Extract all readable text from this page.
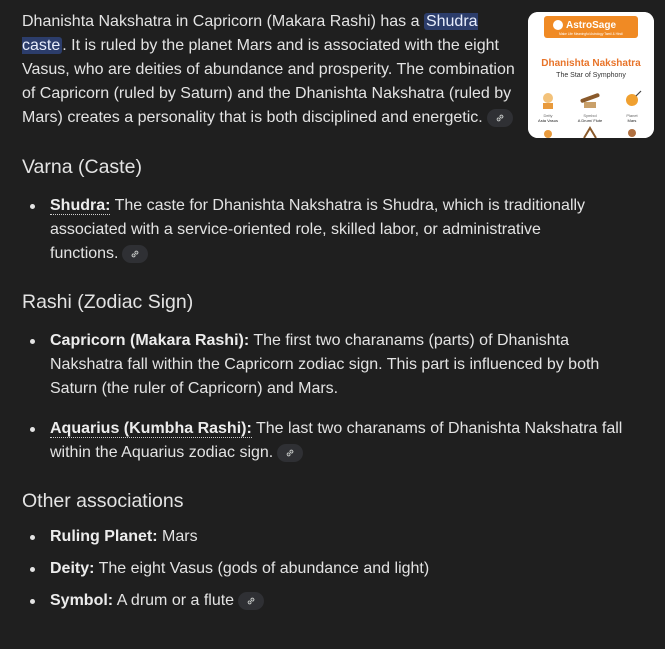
AstroSage
Make Life Meaningful Astrology Tamil & Hindi
Dhanishta Nakshatra
The Star of Symphony
Deity
Asta Vasus
Symbol
A Drum/ Flute
Planet
Mars

Dhanishta Nakshatra in Capricorn (Makara Rashi) has a Shudra caste . It is ruled by the planet Mars and is associated with the eight Vasus, who are deities of abundance and prosperity. The combination of Capricorn (ruled by Saturn) and the Dhanishta Nakshatra (ruled by Mars) creates a personality that is both disciplined and energetic.

Varna (Caste)
Shudra: The caste for Dhanishta Nakshatra is Shudra, which is traditionally associated with a service-oriented role, skilled labor, or administrative functions.
Rashi (Zodiac Sign)
Capricorn (Makara Rashi): The first two charanams (parts) of Dhanishta Nakshatra fall within the Capricorn zodiac sign. This part is influenced by both Saturn (the ruler of Capricorn) and Mars.
Aquarius (Kumbha Rashi): The last two charanams of Dhanishta Nakshatra fall within the Aquarius zodiac sign.
Other associations
Ruling Planet: Mars
Deity: The eight Vasus (gods of abundance and light)
Symbol: A drum or a flute
